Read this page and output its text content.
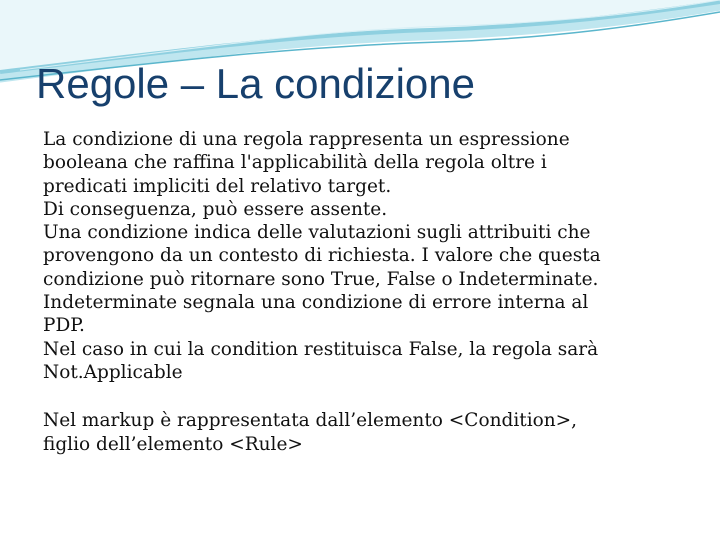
Regole – La condizione

La condizione di una regola rappresenta un espressione
booleana che raffina l'applicabilità della regola oltre i
predicati impliciti del relativo target.

Di conseguenza, può essere assente.

Una condizione indica delle valutazioni sugli attribuiti che
provengono da un contesto di richiesta. I valore che questa
condizione può ritornare sono True, False o Indeterminate.
Indeterminate segnala una condizione di errore interna al
PDP.
Nel caso in cui la condition restituisca False, la regola sarà
Not.Applicable

Nel markup è rappresentata dall’elemento <Condition>,
figlio dell’elemento <Rule>
